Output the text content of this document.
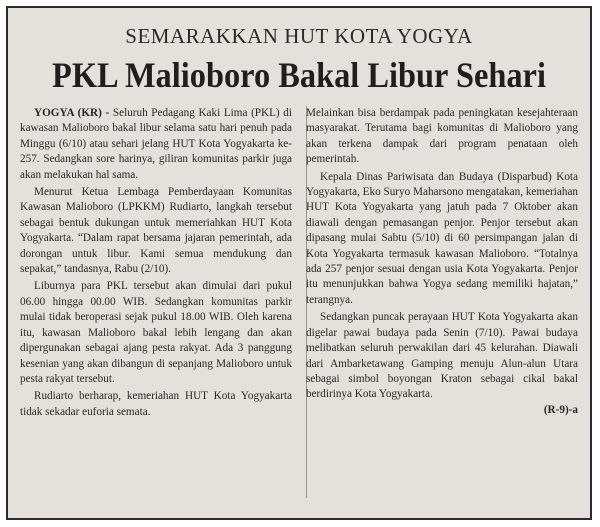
SEMARAKKAN HUT KOTA YOGYA
PKL Malioboro Bakal Libur Sehari

YOGYA (KR) - Seluruh Pedagang Kaki Lima (PKL) di kawasan Malioboro bakal libur selama satu hari penuh pada Minggu (6/10) atau sehari jelang HUT Kota Yogyakarta ke-257. Sedangkan sore harinya, giliran komunitas parkir juga akan melakukan hal sama.

Menurut Ketua Lembaga Pemberdayaan Komunitas Kawasan Malioboro (LPKKM) Rudiarto, langkah tersebut sebagai bentuk dukungan untuk memeriahkan HUT Kota Yogyakarta. “Dalam rapat bersama jajaran pemerintah, ada dorongan untuk libur. Kami semua mendukung dan sepakat,” tandasnya, Rabu (2/10).

Liburnya para PKL tersebut akan dimulai dari pukul 06.00 hingga 00.00 WIB. Sedangkan komunitas parkir mulai tidak beroperasi sejak pukul 18.00 WIB. Oleh karena itu, kawasan Malioboro bakal lebih lengang dan akan dipergunakan sebagai ajang pesta rakyat. Ada 3 panggung kesenian yang akan dibangun di sepanjang Malioboro untuk pesta rakyat tersebut.

Rudiarto berharap, kemeriahan HUT Kota Yogyakarta tidak sekadar euforia semata.

Melainkan bisa berdampak pada peningkatan kesejahteraan masyarakat. Terutama bagi komunitas di Malioboro yang akan terkena dampak dari program penataan oleh pemerintah.

Kepala Dinas Pariwisata dan Budaya (Disparbud) Kota Yogyakarta, Eko Suryo Maharsono mengatakan, kemeriahan HUT Kota Yogyakarta yang jatuh pada 7 Oktober akan diawali dengan pemasangan penjor. Penjor tersebut akan dipasang mulai Sabtu (5/10) di 60 persimpangan jalan di Kota Yogyakarta termasuk kawasan Malioboro. “Totalnya ada 257 penjor sesuai dengan usia Kota Yogyakarta. Penjor itu menunjukkan bahwa Yogya sedang memiliki hajatan,” terangnya.

Sedangkan puncak perayaan HUT Kota Yogyakarta akan digelar pawai budaya pada Senin (7/10). Pawai budaya melibatkan seluruh perwakilan dari 45 kelurahan. Diawali dari Ambarketawang Gamping menuju Alun-alun Utara sebagai simbol boyongan Kraton sebagai cikal bakal berdirinya Kota Yogyakarta.

(R-9)-a
